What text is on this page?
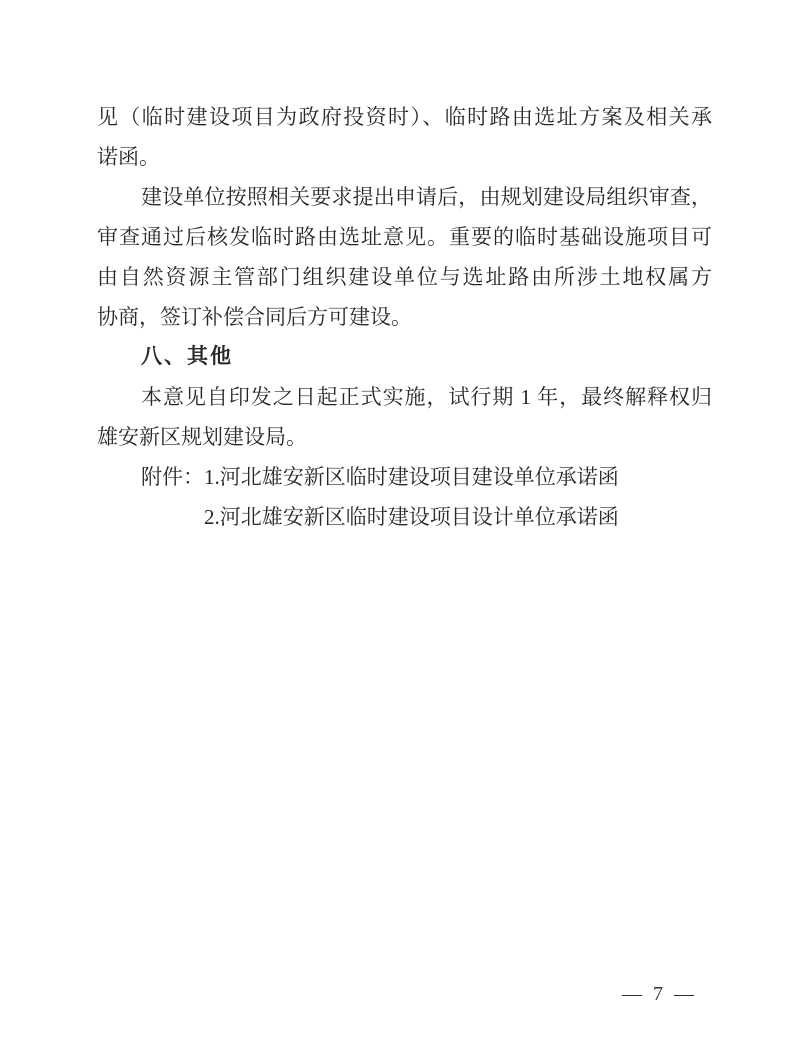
见（临时建设项目为政府投资时）、临时路由选址方案及相关承

诺函。

建设单位按照相关要求提出申请后，由规划建设局组织审查，

审查通过后核发临时路由选址意见。重要的临时基础设施项目可

由自然资源主管部门组织建设单位与选址路由所涉土地权属方

协商，签订补偿合同后方可建设。

八、其他

本意见自印发之日起正式实施，试行期 1 年，最终解释权归

雄安新区规划建设局。

附件： 1.河北雄安新区临时建设项目建设单位承诺函
2.河北雄安新区临时建设项目设计单位承诺函
— 7 —
